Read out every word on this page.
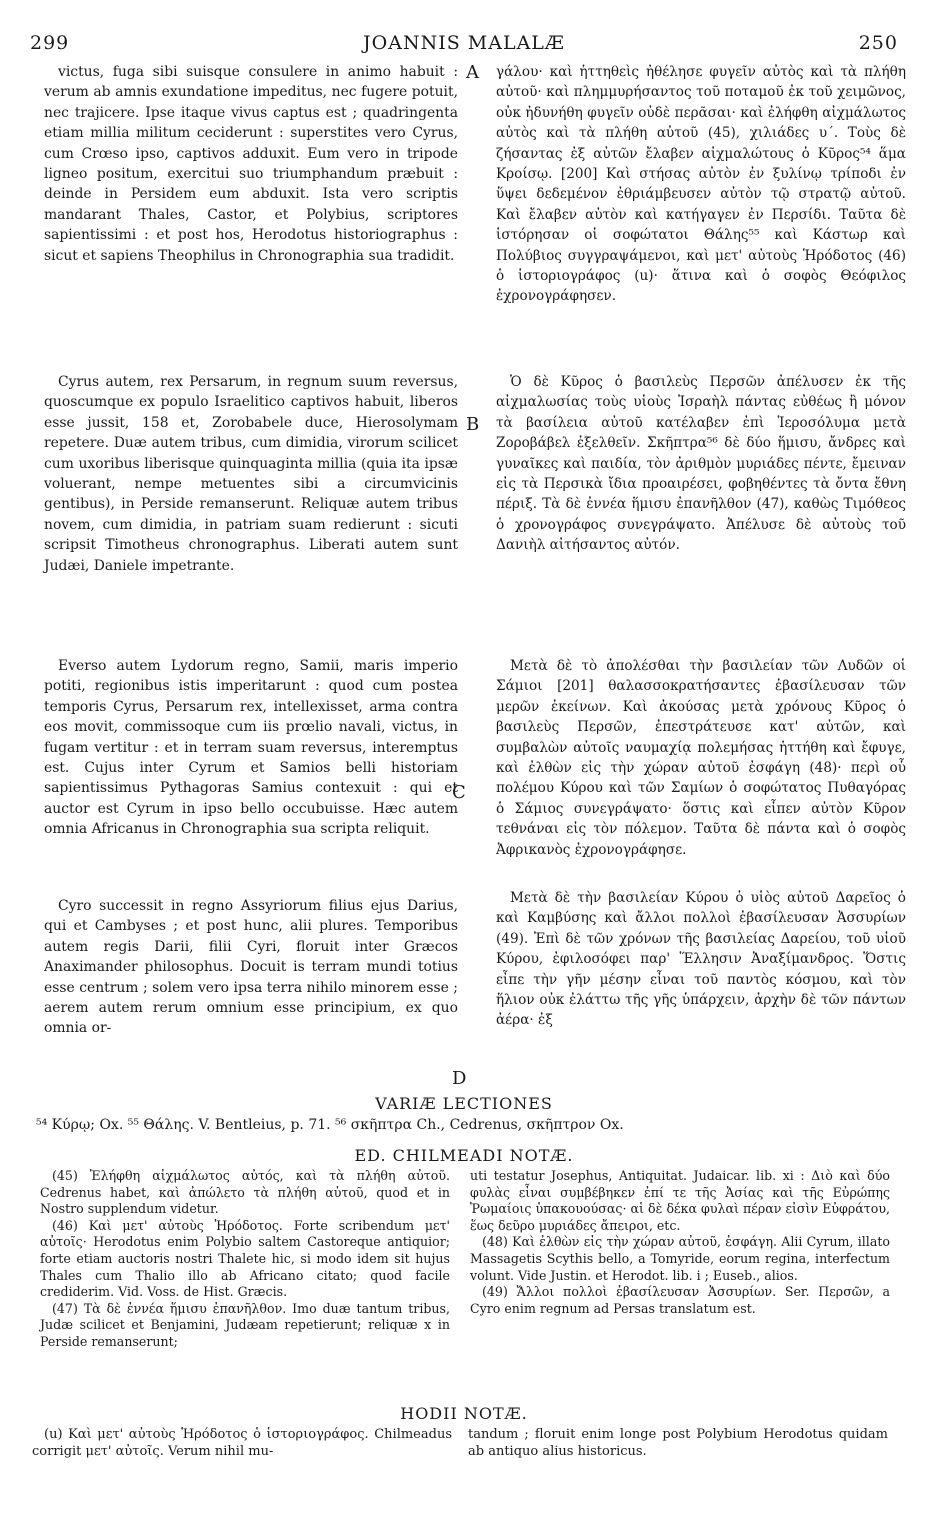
299	JOANNIS MALALÆ	250

victus, fuga sibi suisque consulere in animo habuit : verum ab amnis exundatione impeditus, nec fugere potuit, nec trajicere. Ipse itaque vivus captus est ; quadringenta etiam millia militum ceciderunt : superstites vero Cyrus, cum Crœso ipso, captivos adduxit. Eum vero in tripode ligneo positum, exercitui suo triumphandum præbuit : deinde in Persidem eum abduxit. Ista vero scriptis mandarant Thales, Castor, et Polybius, scriptores sapientissimi : et post hos, Herodotus historiographus : sicut et sapiens Theophilus in Chronographia sua tradidit.

Cyrus autem, rex Persarum, in regnum suum reversus, quoscumque ex populo Israelitico captivos habuit, liberos esse jussit, 158 et, Zorobabele duce, Hierosolymam repetere. Duæ autem tribus, cum dimidia, virorum scilicet cum uxoribus liberisque quinquaginta millia (quia ita ipsæ voluerant, nempe metuentes sibi a circumvicinis gentibus), in Perside remanserunt. Reliquæ autem tribus novem, cum dimidia, in patriam suam redierunt : sicuti scripsit Timotheus chronographus. Liberati autem sunt Judæi, Daniele impetrante.

Everso autem Lydorum regno, Samii, maris imperio potiti, regionibus istis imperitarunt : quod cum postea temporis Cyrus, Persarum rex, intellexisset, arma contra eos movit, commissoque cum iis prœlio navali, victus, in fugam vertitur : et in terram suam reversus, interemptus est. Cujus inter Cyrum et Samios belli historiam sapientissimus Pythagoras Samius contexuit : qui et auctor est Cyrum in ipso bello occubuisse. Hæc autem omnia Africanus in Chronographia sua scripta reliquit.

Cyro successit in regno Assyriorum filius ejus Darius, qui et Cambyses ; et post hunc, alii plures. Temporibus autem regis Darii, filii Cyri, floruit inter Græcos Anaximander philosophus. Docuit is terram mundi totius esse centrum ; solem vero ipsa terra nihilo minorem esse ; aerem autem rerum omnium esse principium, ex quo omnia or-

A
B
C
D

γάλου· καὶ ἡττηθεὶς ἠθέλησε φυγεῖν αὐτὸς καὶ τὰ πλήθη αὐτοῦ· καὶ πλημμυρήσαντος τοῦ ποταμοῦ ἐκ τοῦ χειμῶνος, οὐκ ἠδυνήθη φυγεῖν οὐδὲ περᾶσαι· καὶ ἐλήφθη αἰχμάλωτος αὐτὸς καὶ τὰ πλήθη αὐτοῦ (45), χιλιάδες υ΄. Τοὺς δὲ ζήσαντας ἐξ αὐτῶν ἔλαβεν αἰχμαλώτους ὁ Κῦρος⁵⁴ ἅμα Κροίσῳ. [200] Καὶ στήσας αὐτὸν ἐν ξυλίνῳ τρίποδι ἐν ὕψει δεδεμένον ἐθριάμβευσεν αὐτὸν τῷ στρατῷ αὐτοῦ. Καὶ ἔλαβεν αὐτὸν καὶ κατήγαγεν ἐν Περσίδι. Ταῦτα δὲ ἱστόρησαν οἱ σοφώτατοι Θάλης⁵⁵ καὶ Κάστωρ καὶ Πολύβιος συγγραψάμενοι, καὶ μετ' αὐτοὺς Ἡρόδοτος (46) ὁ ἱστοριογράφος (u)· ἅτινα καὶ ὁ σοφὸς Θεόφιλος ἐχρονογράφησεν.

Ὁ δὲ Κῦρος ὁ βασιλεὺς Περσῶν ἀπέλυσεν ἐκ τῆς αἰχμαλωσίας τοὺς υἱοὺς Ἰσραὴλ πάντας εὐθέως ἢ μόνον τὰ βασίλεια αὐτοῦ κατέλαβεν ἐπὶ Ἱεροσόλυμα μετὰ Ζοροβάβελ ἐξελθεῖν. Σκῆπτρα⁵⁶ δὲ δύο ἥμισυ, ἄνδρες καὶ γυναῖκες καὶ παιδία, τὸν ἀριθμὸν μυριάδες πέντε, ἔμειναν εἰς τὰ Περσικὰ ἴδια προαιρέσει, φοβηθέντες τὰ ὄντα ἔθνη πέριξ. Τὰ δὲ ἐννέα ἥμισυ ἐπανῆλθον (47), καθὼς Τιμόθεος ὁ χρονογράφος συνεγράψατο. Ἀπέλυσε δὲ αὐτοὺς τοῦ Δανιὴλ αἰτήσαντος αὐτόν.

Μετὰ δὲ τὸ ἀπολέσθαι τὴν βασιλείαν τῶν Λυδῶν οἱ Σάμιοι [201] θαλασσοκρατήσαντες ἐβασίλευσαν τῶν μερῶν ἐκείνων. Καὶ ἀκούσας μετὰ χρόνους Κῦρος ὁ βασιλεὺς Περσῶν, ἐπεστράτευσε κατ' αὐτῶν, καὶ συμβαλὼν αὐτοῖς ναυμαχίᾳ πολεμήσας ἡττήθη καὶ ἔφυγε, καὶ ἐλθὼν εἰς τὴν χώραν αὐτοῦ ἐσφάγη (48)· περὶ οὗ πολέμου Κύρου καὶ τῶν Σαμίων ὁ σοφώτατος Πυθαγόρας ὁ Σάμιος συνεγράψατο· ὅστις καὶ εἶπεν αὐτὸν Κῦρον τεθνάναι εἰς τὸν πόλεμον. Ταῦτα δὲ πάντα καὶ ὁ σοφὸς Ἀφρικανὸς ἐχρονογράφησε.

Μετὰ δὲ τὴν βασιλείαν Κύρου ὁ υἱὸς αὐτοῦ Δαρεῖος ὁ καὶ Καμβύσης καὶ ἄλλοι πολλοὶ ἐβασίλευσαν Ἀσσυρίων (49). Ἐπὶ δὲ τῶν χρόνων τῆς βασιλείας Δαρείου, τοῦ υἱοῦ Κύρου, ἐφιλοσόφει παρ' Ἕλλησιν Ἀναξίμανδρος. Ὅστις εἶπε τὴν γῆν μέσην εἶναι τοῦ παντὸς κόσμου, καὶ τὸν ἥλιον οὐκ ἐλάττω τῆς γῆς ὑπάρχειν, ἀρχὴν δὲ τῶν πάντων ἀέρα· ἐξ

VARIÆ LECTIONES
⁵⁴ Κύρῳ; Ox. ⁵⁵ Θάλης. V. Bentleius, p. 71. ⁵⁶ σκῆπτρα Ch., Cedrenus, σκῆπτρον Ox.
ED. CHILMEADI NOTÆ.

(45) Ἐλήφθη αἰχμάλωτος αὐτός, καὶ τὰ πλήθη αὐτοῦ. Cedrenus habet, καὶ ἀπώλετο τὰ πλήθη αὐτοῦ, quod et in Nostro supplendum videtur.

(46) Καὶ μετ' αὐτοὺς Ἡρόδοτος. Forte scribendum μετ' αὐτοῖς· Herodotus enim Polybio saltem Castoreque antiquior; forte etiam auctoris nostri Thalete hic, si modo idem sit hujus Thales cum Thalio illo ab Africano citato; quod facile crediderim. Vid. Voss. de Hist. Græcis.

(47) Τὰ δὲ ἐννέα ἥμισυ ἐπανῆλθον. Imo duæ tantum tribus, Judæ scilicet et Benjamini, Judæam repetierunt; reliquæ x in Perside remanserunt;

uti testatur Josephus, Antiquitat. Judaicar. lib. xi : Διὸ καὶ δύο φυλὰς εἶναι συμβέβηκεν ἐπί τε τῆς Ἀσίας καὶ τῆς Εὐρώπης Ῥωμαίοις ὑπακουούσας· αἱ δὲ δέκα φυλαὶ πέραν εἰσὶν Εὐφράτου, ἕως δεῦρο μυριάδες ἄπειροι, etc.

(48) Καὶ ἐλθὼν εἰς τὴν χώραν αὐτοῦ, ἐσφάγη. Alii Cyrum, illato Massagetis Scythis bello, a Tomyride, eorum regina, interfectum volunt. Vide Justin. et Herodot. lib. i ; Euseb., alios.

(49) Ἄλλοι πολλοὶ ἐβασίλευσαν Ἀσσυρίων. Ser. Περσῶν, a Cyro enim regnum ad Persas translatum est.

HODII NOTÆ.
(u) Καὶ μετ' αὐτοὺς Ἡρόδοτος ὁ ἱστοριογράφος. Chilmeadus corrigit μετ' αὐτοῖς. Verum nihil mu-
tandum ; floruit enim longe post Polybium Herodotus quidam ab antiquo alius historicus.
